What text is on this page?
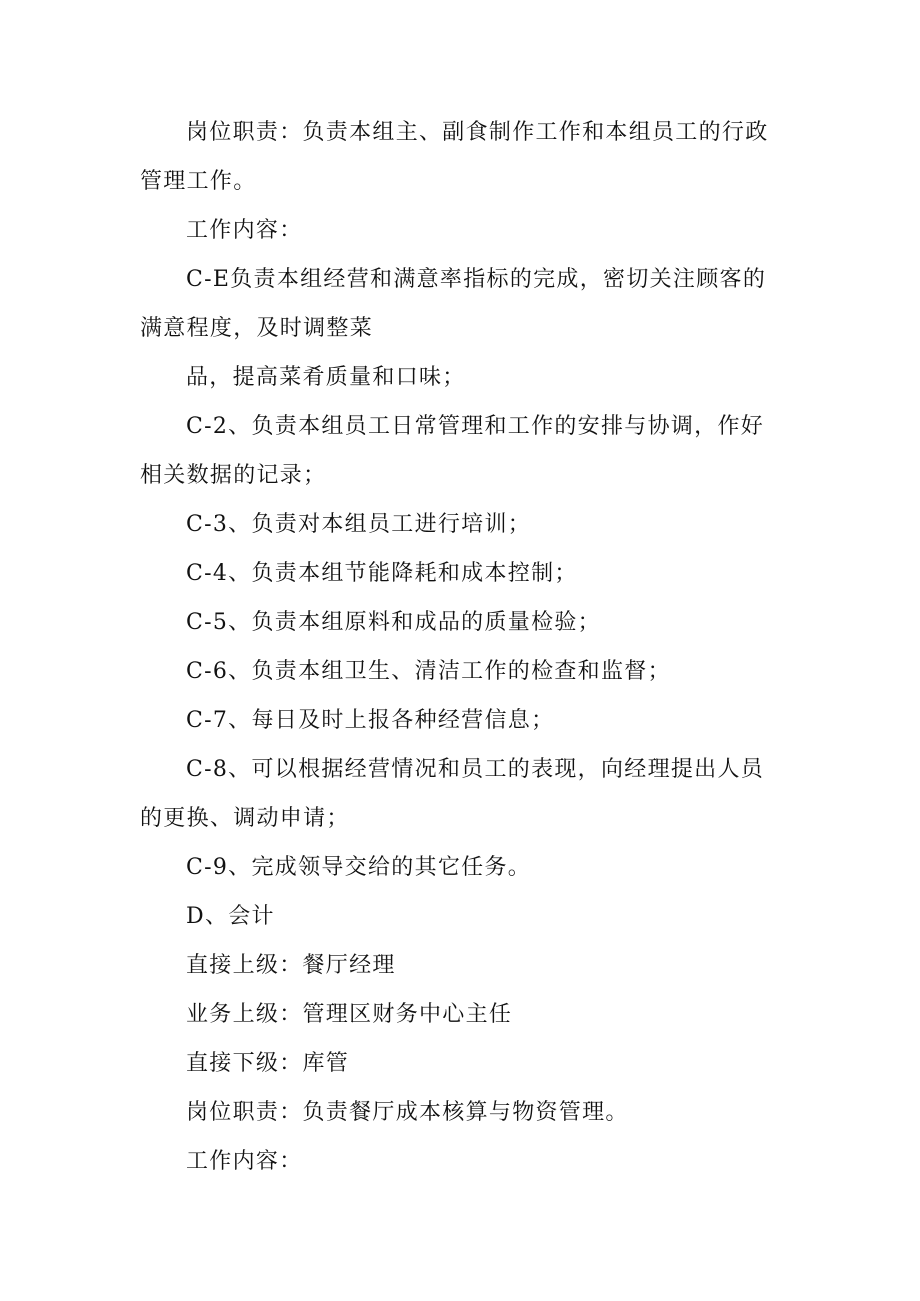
岗位职责：负责本组主、副食制作工作和本组员工的行政管理工作。

工作内容：

C-E负责本组经营和满意率指标的完成，密切关注顾客的满意程度，及时调整菜

品，提高菜肴质量和口味；

C-2、负责本组员工日常管理和工作的安排与协调，作好相关数据的记录；

C-3、负责对本组员工进行培训；

C-4、负责本组节能降耗和成本控制；

C-5、负责本组原料和成品的质量检验；

C-6、负责本组卫生、清洁工作的检查和监督；

C-7、每日及时上报各种经营信息；

C-8、可以根据经营情况和员工的表现，向经理提出人员的更换、调动申请；

C-9、完成领导交给的其它任务。

D、会计

直接上级：餐厅经理

业务上级：管理区财务中心主任

直接下级：库管

岗位职责：负责餐厅成本核算与物资管理。

工作内容：
